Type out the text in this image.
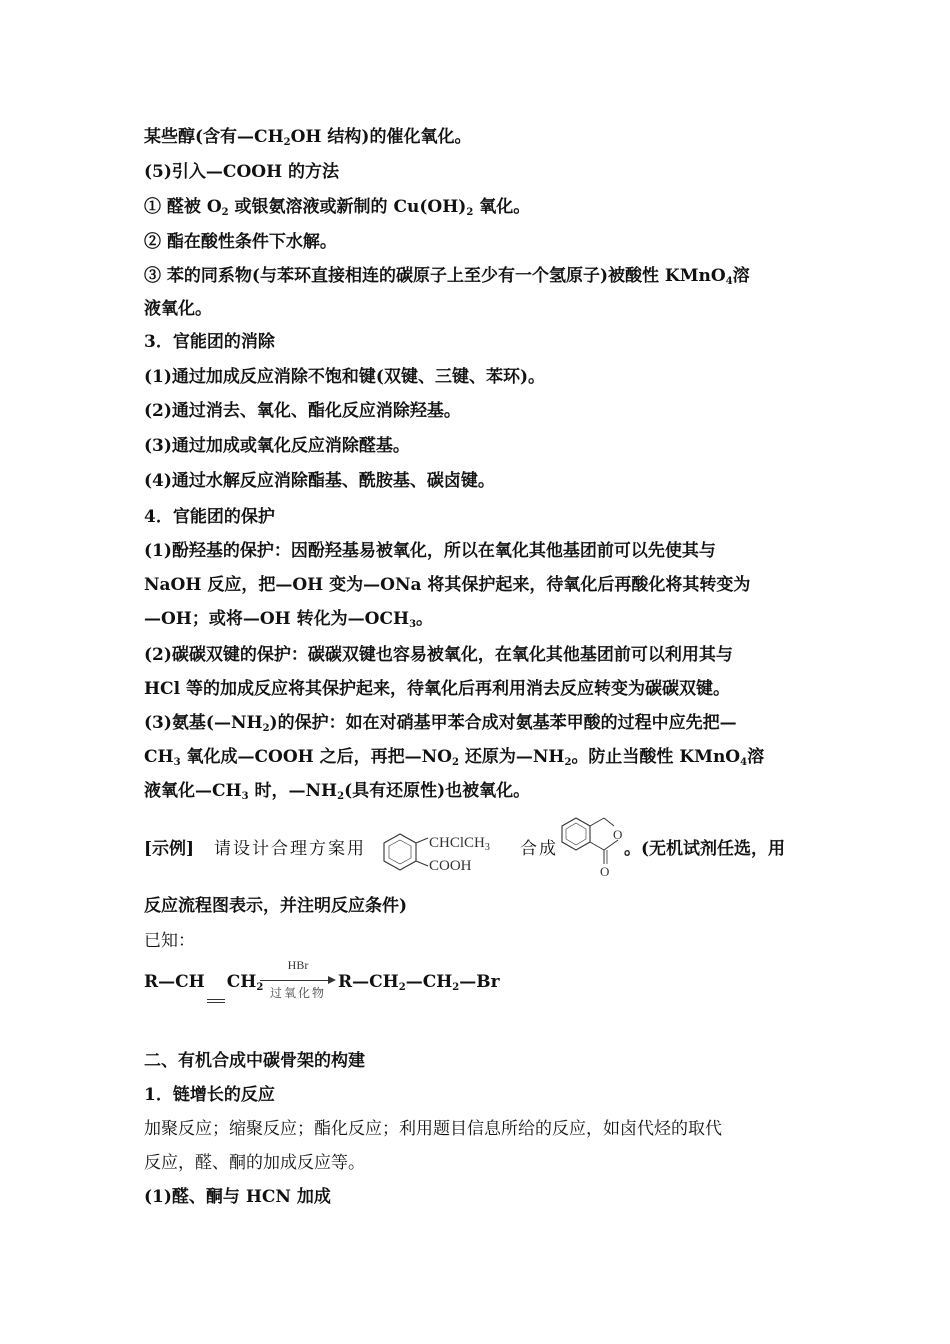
某些醇(含有$—CH_2OH$ 结构)的催化氧化。
(5)引入—COOH 的方法
① 醛被 $O_2$ 或银氨溶液或新制的 $Cu(OH)_2$ 氧化。
② 酯在酸性条件下水解。
③ 苯的同系物(与苯环直接相连的碳原子上至少有一个氢原子)被酸性 KMnO$_4$溶
液氧化。
3．官能团的消除
(1)通过加成反应消除不饱和键(双键、三键、苯环)。
(2)通过消去、氧化、酯化反应消除羟基。
(3)通过加成或氧化反应消除醛基。
(4)通过水解反应消除酯基、酰胺基、碳卤键。
4．官能团的保护
(1)酚羟基的保护：因酚羟基易被氧化，所以在氧化其他基团前可以先使其与
NaOH 反应，把—OH 变为—ONa 将其保护起来，待氧化后再酸化将其转变为
—OH；或将—OH 转化为$—OCH_3$。
(2)碳碳双键的保护：碳碳双键也容易被氧化，在氧化其他基团前可以利用其与
HCl 等的加成反应将其保护起来，待氧化后再利用消去反应转变为碳碳双键。
(3)氨基$(—NH_2)$的保护：如在对硝基甲苯合成对氨基苯甲酸的过程中应先把—
$CH_3$ 氧化成—COOH 之后，再把$—NO_2$ 还原为$—NH_2$。防止当酸性 KMnO$_4$溶
液氧化$—CH_3$ 时，$—NH_2$(具有还原性)也被氧化。
[示例] 请设计合理方案用	CHClCH$_3$
COOH
合成
O
O
。(无机试剂任选，用
反应流程图表示，并注明反应条件)
已知：
R—CH $CH_2$
HBr
过氧化物
$R—CH_2—CH_2—Br$
二、有机合成中碳骨架的构建
1．链增长的反应
加聚反应；缩聚反应；酯化反应；利用题目信息所给的反应，如卤代烃的取代
反应，醛、酮的加成反应等。
(1)醛、酮与 HCN 加成
